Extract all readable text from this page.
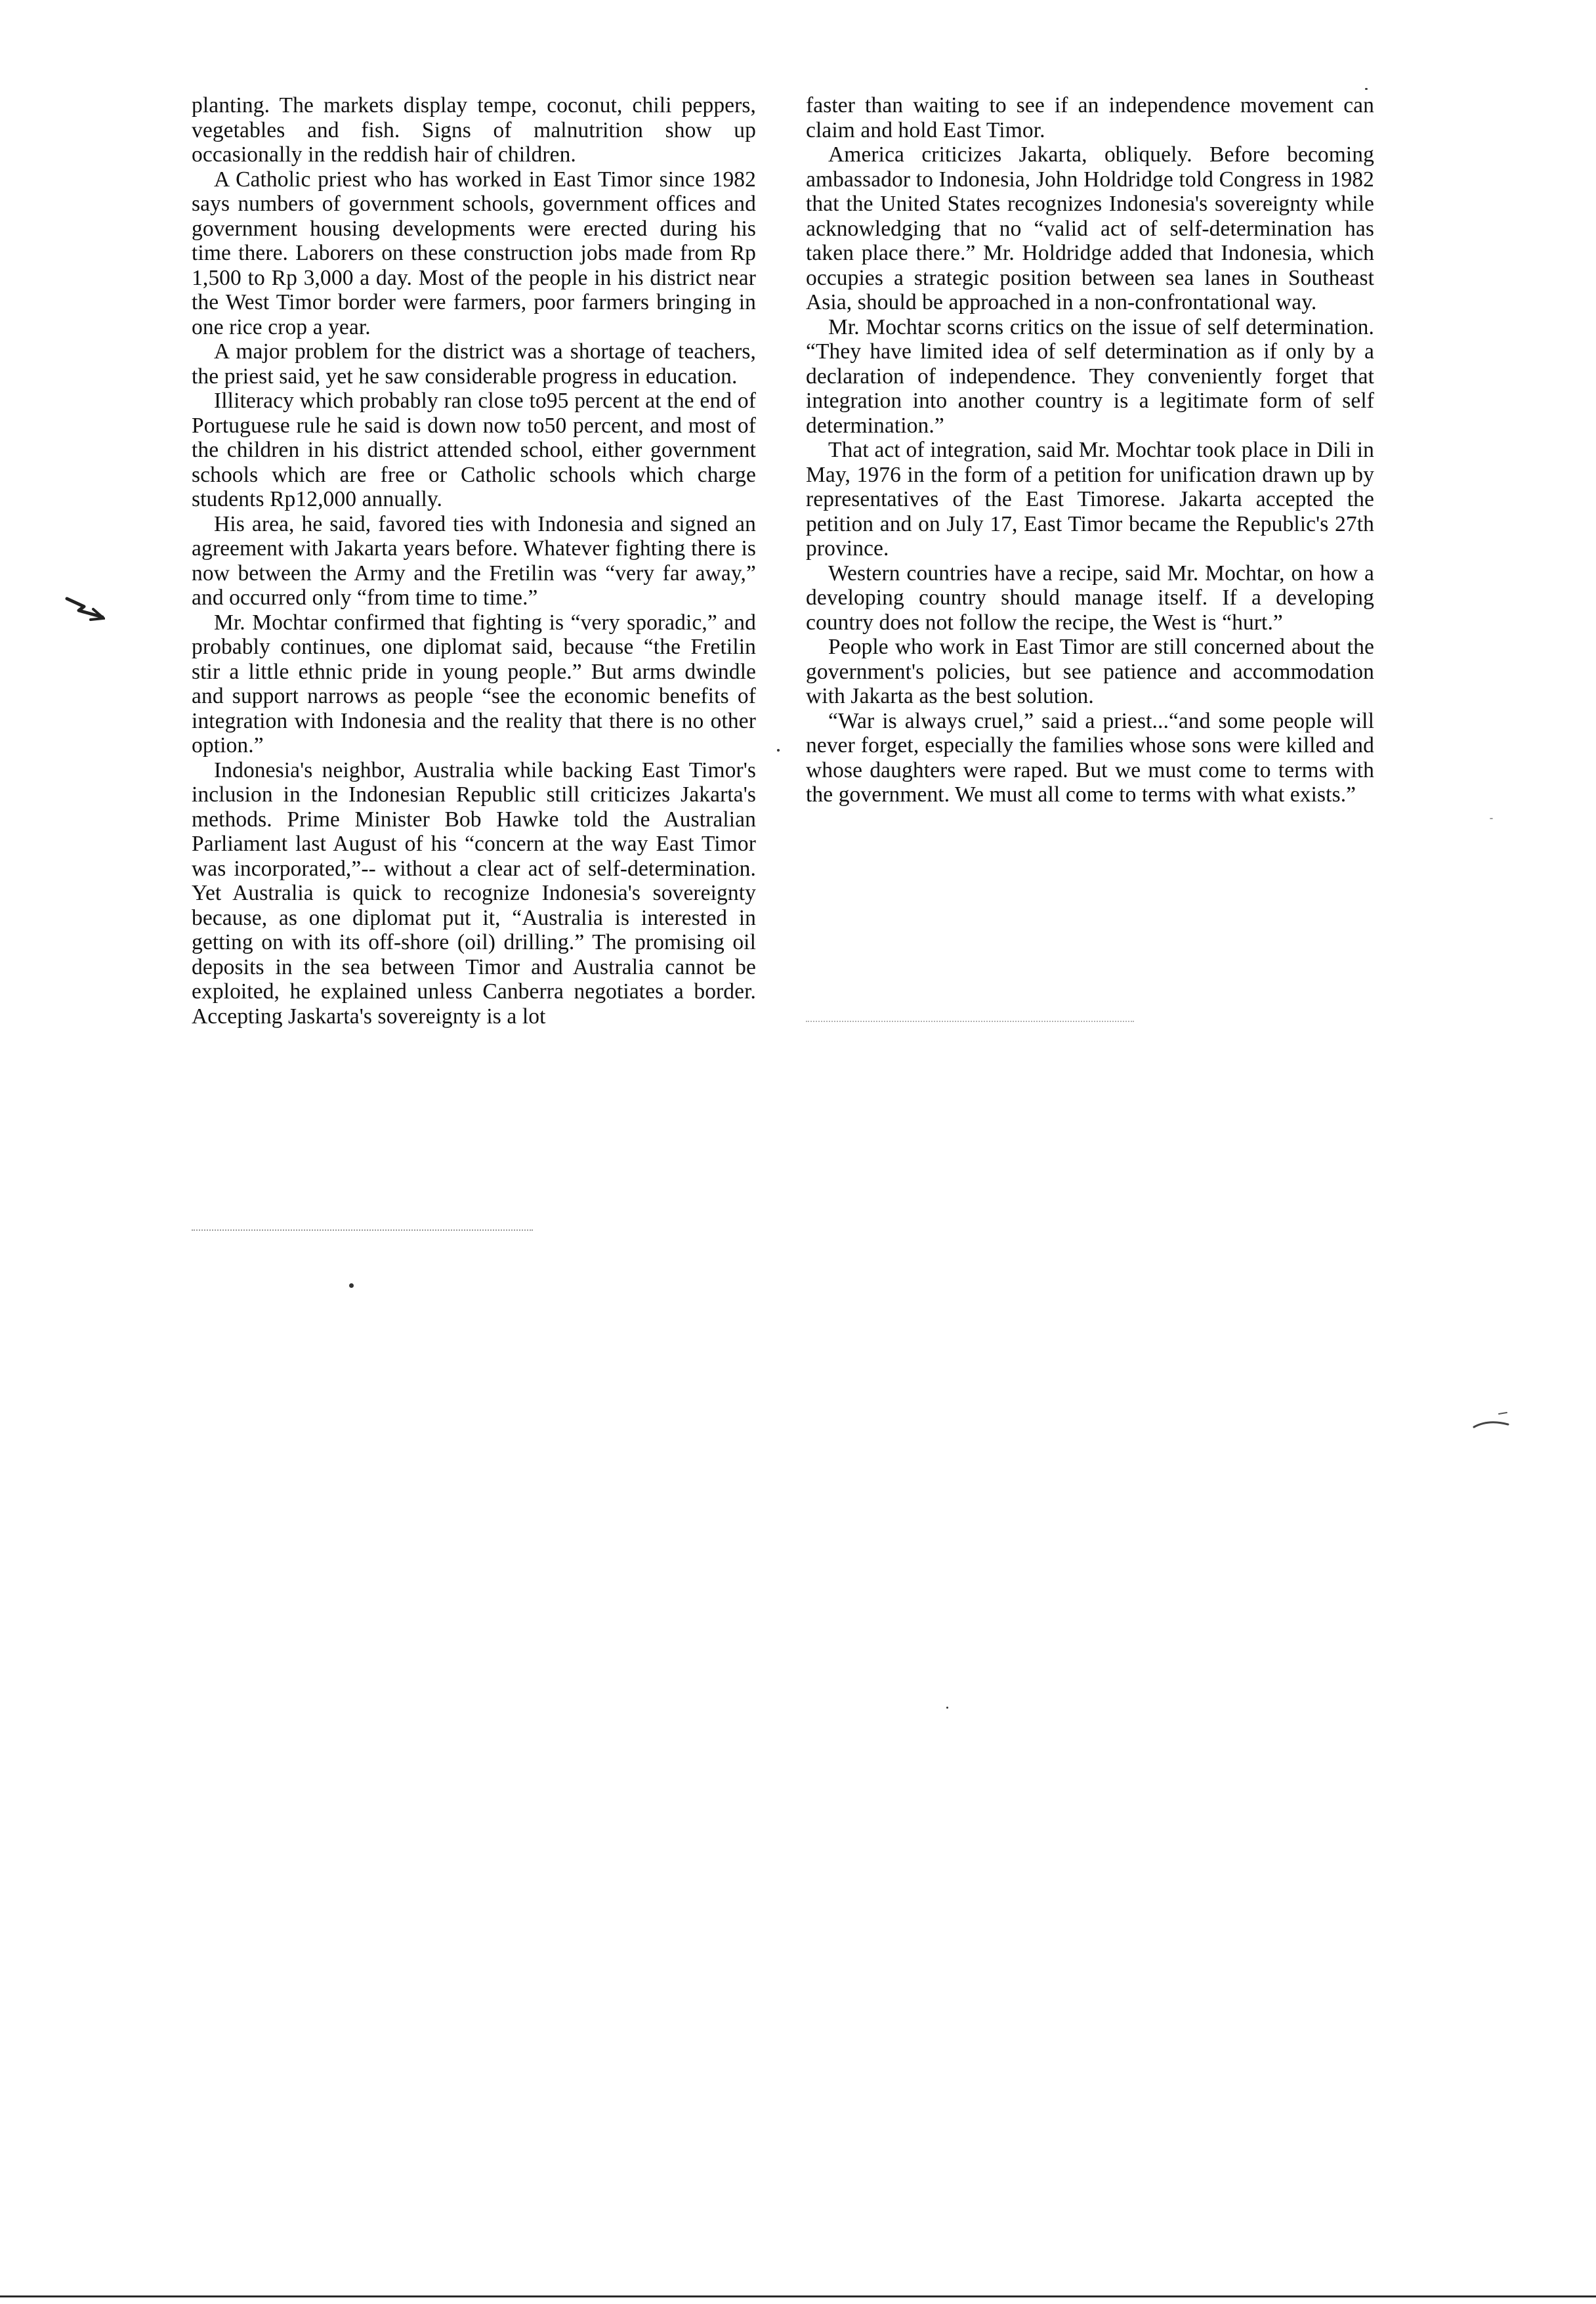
planting. The markets display tempe, coconut, chili peppers, vegetables and fish. Signs of malnutrition show up occasionally in the reddish hair of children.

A Catholic priest who has worked in East Timor since 1982 says numbers of government schools, government offices and government housing developments were erected during his time there. Laborers on these construction jobs made from Rp 1,500 to Rp 3,000 a day. Most of the people in his district near the West Timor border were farmers, poor farmers bringing in one rice crop a year.

A major problem for the district was a shortage of teachers, the priest said, yet he saw considerable progress in education.

Illiteracy which probably ran close to95 percent at the end of Portuguese rule he said is down now to50 percent, and most of the children in his district attended school, either government schools which are free or Catholic schools which charge students Rp12,000 annually.

His area, he said, favored ties with Indonesia and signed an agreement with Jakarta years before. Whatever fighting there is now between the Army and the Fretilin was “very far away,” and occurred only “from time to time.”

Mr. Mochtar confirmed that fighting is “very sporadic,” and probably continues, one diplomat said, because “the Fretilin stir a little ethnic pride in young people.” But arms dwindle and support narrows as people “see the economic benefits of integration with Indonesia and the reality that there is no other option.”

Indonesia's neighbor, Australia while backing East Timor's inclusion in the Indonesian Republic still criticizes Jakarta's methods. Prime Minister Bob Hawke told the Australian Parliament last August of his “concern at the way East Timor was incorporated,”-- without a clear act of self-determination. Yet Australia is quick to recognize Indonesia's sovereignty because, as one diplomat put it, “Australia is interested in getting on with its off-shore (oil) drilling.” The promising oil deposits in the sea between Timor and Australia cannot be exploited, he explained unless Canberra negotiates a border. Accepting Jaskarta's sovereignty is a lot

faster than waiting to see if an independence movement can claim and hold East Timor.

America criticizes Jakarta, obliquely. Before becoming ambassador to Indonesia, John Holdridge told Congress in 1982 that the United States recognizes Indonesia's sovereignty while acknowledging that no “valid act of self-determination has taken place there.” Mr. Holdridge added that Indonesia, which occupies a strategic position between sea lanes in Southeast Asia, should be approached in a non-confrontational way.

Mr. Mochtar scorns critics on the issue of self determination. “They have limited idea of self determination as if only by a declaration of independence. They conveniently forget that integration into another country is a legitimate form of self determination.”

That act of integration, said Mr. Mochtar took place in Dili in May, 1976 in the form of a petition for unification drawn up by representatives of the East Timorese. Jakarta accepted the petition and on July 17, East Timor became the Republic's 27th province.

Western countries have a recipe, said Mr. Mochtar, on how a developing country should manage itself. If a developing country does not follow the recipe, the West is “hurt.”

People who work in East Timor are still concerned about the government's policies, but see patience and accommodation with Jakarta as the best solution.

“War is always cruel,” said a priest...“and some people will never forget, especially the families whose sons were killed and whose daughters were raped. But we must come to terms with the government. We must all come to terms with what exists.”
